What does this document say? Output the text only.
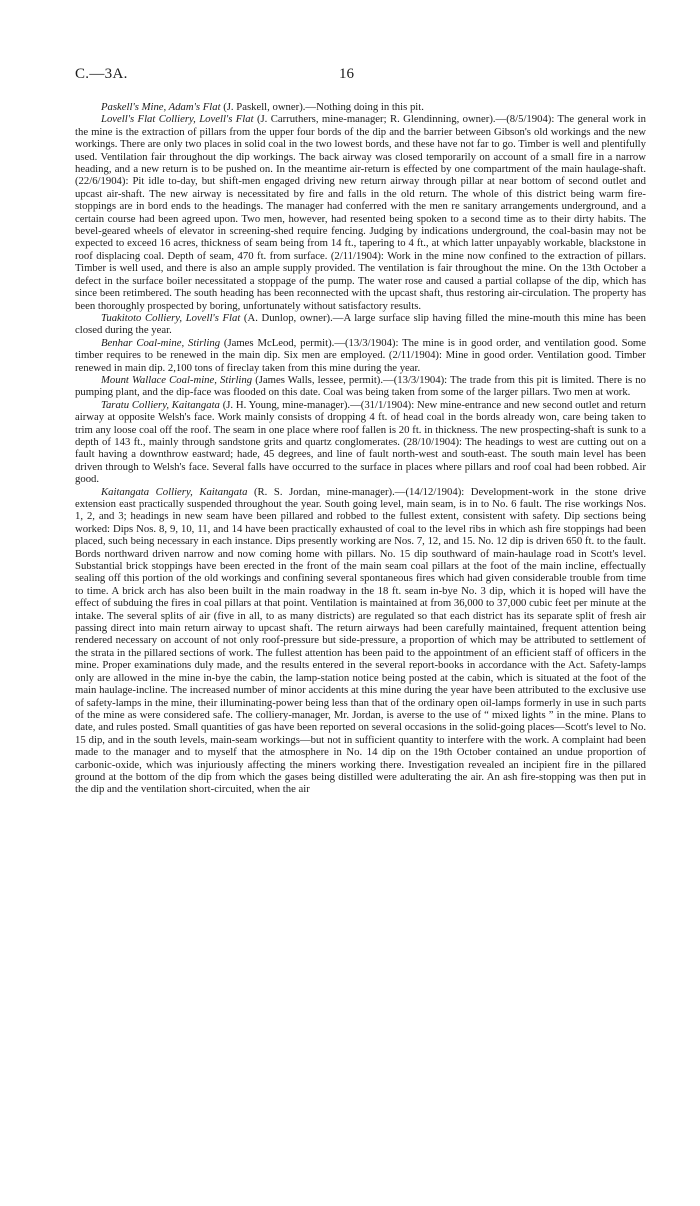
C.—3A.	16

Paskell's Mine, Adam's Flat (J. Paskell, owner).—Nothing doing in this pit.

Lovell's Flat Colliery, Lovell's Flat (J. Carruthers, mine-manager; R. Glendinning, owner).—(8/5/1904): The general work in the mine is the extraction of pillars from the upper four bords of the dip and the barrier between Gibson's old workings and the new workings. There are only two places in solid coal in the two lowest bords, and these have not far to go. Timber is well and plentifully used. Ventilation fair throughout the dip workings. The back airway was closed temporarily on account of a small fire in a narrow heading, and a new return is to be pushed on. In the meantime air-return is effected by one compartment of the main haulage-shaft. (22/6/1904): Pit idle to-day, but shift-men engaged driving new return airway through pillar at near bottom of second outlet and upcast air-shaft. The new airway is necessitated by fire and falls in the old return. The whole of this district being warm fire-stoppings are in bord ends to the headings. The manager had conferred with the men re sanitary arrangements underground, and a certain course had been agreed upon. Two men, however, had resented being spoken to a second time as to their dirty habits. The bevel-geared wheels of elevator in screening-shed require fencing. Judging by indications underground, the coal-basin may not be expected to exceed 16 acres, thickness of seam being from 14 ft., tapering to 4 ft., at which latter unpayably workable, blackstone in roof displacing coal. Depth of seam, 470 ft. from surface. (2/11/1904): Work in the mine now confined to the extraction of pillars. Timber is well used, and there is also an ample supply provided. The ventilation is fair throughout the mine. On the 13th October a defect in the surface boiler necessitated a stoppage of the pump. The water rose and caused a partial collapse of the dip, which has since been retimbered. The south heading has been reconnected with the upcast shaft, thus restoring air-circulation. The property has been thoroughly prospected by boring, unfortunately without satisfactory results.

Tuakitoto Colliery, Lovell's Flat (A. Dunlop, owner).—A large surface slip having filled the mine-mouth this mine has been closed during the year.

Benhar Coal-mine, Stirling (James McLeod, permit).—(13/3/1904): The mine is in good order, and ventilation good. Some timber requires to be renewed in the main dip. Six men are employed. (2/11/1904): Mine in good order. Ventilation good. Timber renewed in main dip. 2,100 tons of fireclay taken from this mine during the year.

Mount Wallace Coal-mine, Stirling (James Walls, lessee, permit).—(13/3/1904): The trade from this pit is limited. There is no pumping plant, and the dip-face was flooded on this date. Coal was being taken from some of the larger pillars. Two men at work.

Taratu Colliery, Kaitangata (J. H. Young, mine-manager).—(31/1/1904): New mine-entrance and new second outlet and return airway at opposite Welsh's face. Work mainly consists of dropping 4 ft. of head coal in the bords already won, care being taken to trim any loose coal off the roof. The seam in one place where roof fallen is 20 ft. in thickness. The new prospecting-shaft is sunk to a depth of 143 ft., mainly through sandstone grits and quartz conglomerates. (28/10/1904): The headings to west are cutting out on a fault having a downthrow eastward; hade, 45 degrees, and line of fault north-west and south-east. The south main level has been driven through to Welsh's face. Several falls have occurred to the surface in places where pillars and roof coal had been robbed. Air good.

Kaitangata Colliery, Kaitangata (R. S. Jordan, mine-manager).—(14/12/1904): Development-work in the stone drive extension east practically suspended throughout the year. South going level, main seam, is in to No. 6 fault. The rise workings Nos. 1, 2, and 3; headings in new seam have been pillared and robbed to the fullest extent, consistent with safety. Dip sections being worked: Dips Nos. 8, 9, 10, 11, and 14 have been practically exhausted of coal to the level ribs in which ash fire stoppings had been placed, such being necessary in each instance. Dips presently working are Nos. 7, 12, and 15. No. 12 dip is driven 650 ft. to the fault. Bords northward driven narrow and now coming home with pillars. No. 15 dip southward of main-haulage road in Scott's level. Substantial brick stoppings have been erected in the front of the main seam coal pillars at the foot of the main incline, effectually sealing off this portion of the old workings and confining several spontaneous fires which had given considerable trouble from time to time. A brick arch has also been built in the main roadway in the 18 ft. seam in-bye No. 3 dip, which it is hoped will have the effect of subduing the fires in coal pillars at that point. Ventilation is maintained at from 36,000 to 37,000 cubic feet per minute at the intake. The several splits of air (five in all, to as many districts) are regulated so that each district has its separate split of fresh air passing direct into main return airway to upcast shaft. The return airways had been carefully maintained, frequent attention being rendered necessary on account of not only roof-pressure but side-pressure, a proportion of which may be attributed to settlement of the strata in the pillared sections of work. The fullest attention has been paid to the appointment of an efficient staff of officers in the mine. Proper examinations duly made, and the results entered in the several report-books in accordance with the Act. Safety-lamps only are allowed in the mine in-bye the cabin, the lamp-station notice being posted at the cabin, which is situated at the foot of the main haulage-incline. The increased number of minor accidents at this mine during the year have been attributed to the exclusive use of safety-lamps in the mine, their illuminating-power being less than that of the ordinary open oil-lamps formerly in use in such parts of the mine as were considered safe. The colliery-manager, Mr. Jordan, is averse to the use of “ mixed lights ” in the mine. Plans to date, and rules posted. Small quantities of gas have been reported on several occasions in the solid-going places—Scott's level to No. 15 dip, and in the south levels, main-seam workings—but not in sufficient quantity to interfere with the work. A complaint had been made to the manager and to myself that the atmosphere in No. 14 dip on the 19th October contained an undue proportion of carbonic-oxide, which was injuriously affecting the miners working there. Investigation revealed an incipient fire in the pillared ground at the bottom of the dip from which the gases being distilled were adulterating the air. An ash fire-stopping was then put in the dip and the ventilation short-circuited, when the air
